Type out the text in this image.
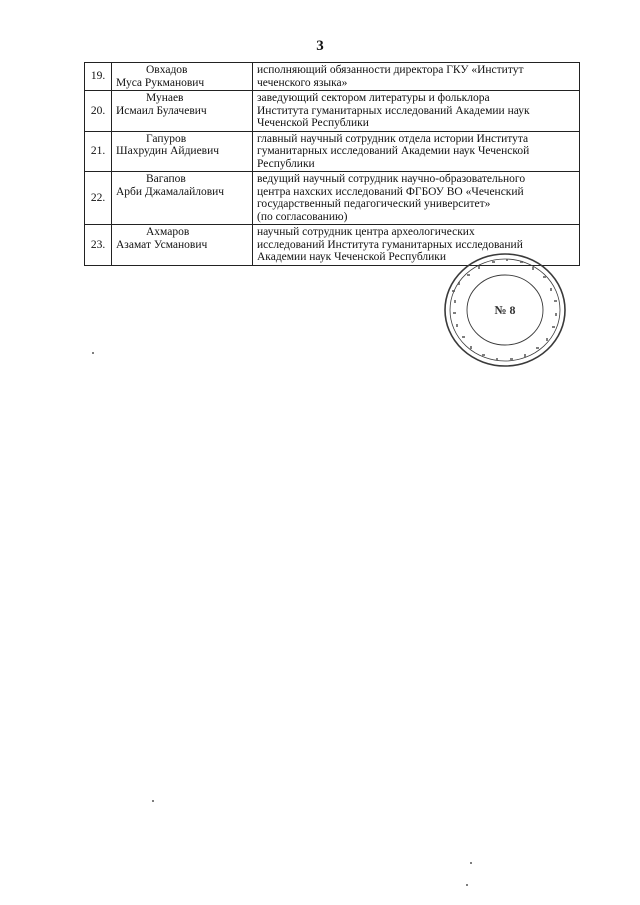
3
19.	Овхадов
Муса Рукманович	исполняющий обязанности директора ГКУ «Институт
чеченского языка»

20.	Мунаев
Исмаил Булачевич	заведующий сектором литературы и фольклора
Института гуманитарных исследований Академии наук
Чеченской Республики

21.	Гапуров
Шахрудин Айдиевич	главный научный сотрудник отдела истории Института
гуманитарных исследований Академии наук Чеченской
Республики

22.	Вагапов
Арби Джамалайлович	ведущий научный сотрудник научно-образовательного
центра нахских исследований ФГБОУ ВО «Чеченский
государственный педагогический университет»
(по согласованию)

23.	Ахмаров
Азамат Усманович	научный сотрудник центра археологических
исследований Института гуманитарных исследований
Академии наук Чеченской Республики
№ 8
